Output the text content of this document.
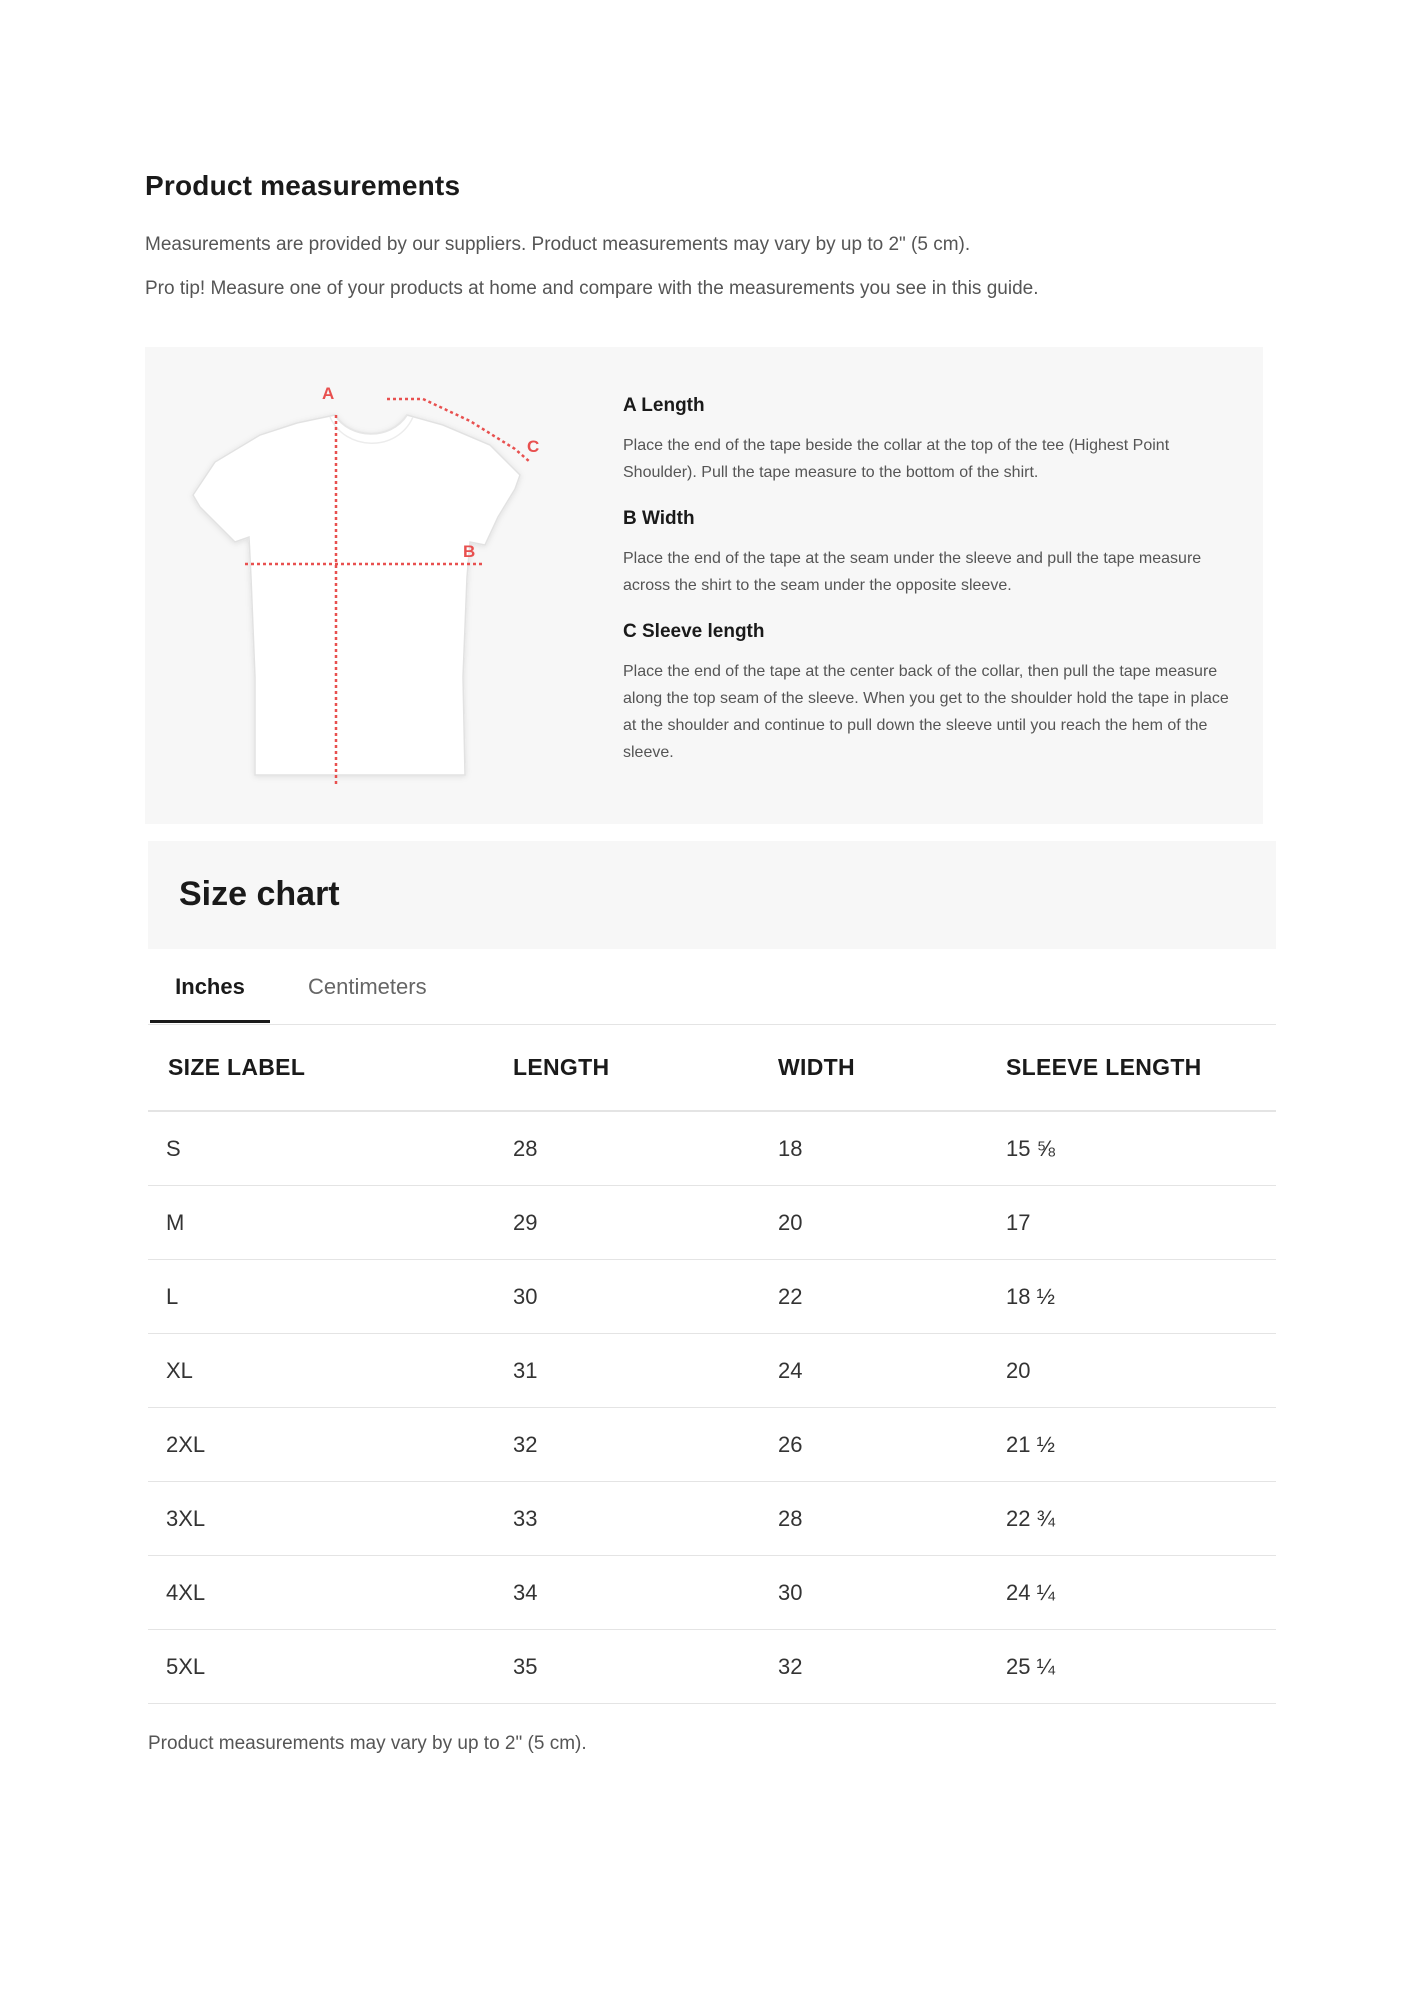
Product measurements

Measurements are provided by our suppliers. Product measurements may vary by up to 2" (5 cm).

Pro tip! Measure one of your products at home and compare with the measurements you see in this guide.

A
B
C

A Length

Place the end of the tape beside the collar at the top of the tee (Highest Point Shoulder). Pull the tape measure to the bottom of the shirt.

B Width

Place the end of the tape at the seam under the sleeve and pull the tape measure across the shirt to the seam under the opposite sleeve.

C Sleeve length

Place the end of the tape at the center back of the collar, then pull the tape measure along the top seam of the sleeve. When you get to the shoulder hold the tape in place at the shoulder and continue to pull down the sleeve until you reach the hem of the sleeve.

Size chart
Inches	Centimeters
SIZE LABEL	LENGTH	WIDTH	SLEEVE LENGTH
S	28	18	15 ⅝
M	29	20	17
L	30	22	18 ½
XL	31	24	20
2XL	32	26	21 ½
3XL	33	28	22 ¾
4XL	34	30	24 ¼
5XL	35	32	25 ¼

Product measurements may vary by up to 2" (5 cm).
